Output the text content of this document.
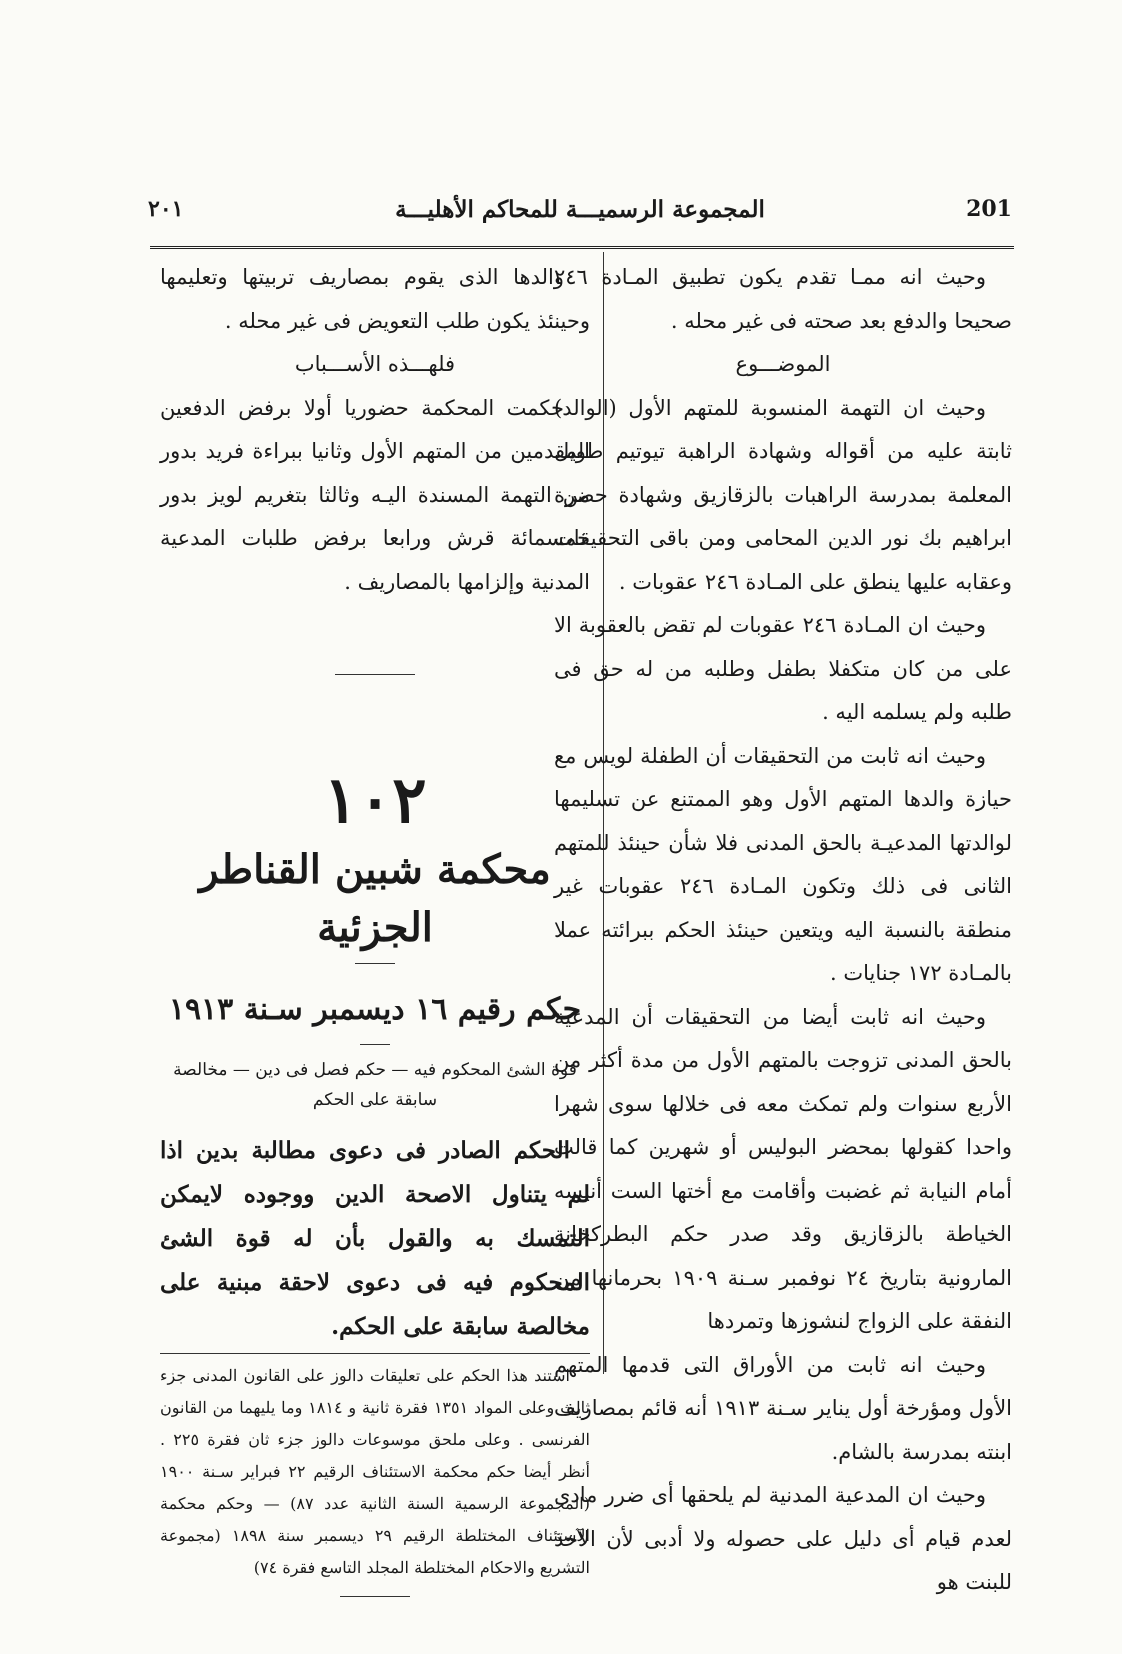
٢٠١	المجموعة الرسميـــة للمحاكم الأهليـــة	201

وحيث انه ممـا تقدم يكون تطبيق المـادة ٢٤٦ صحيحا والدفع بعد صحته فى غير محله .

الموضـــوع

وحيث ان التهمة المنسوبة للمتهم الأول (الوالد) ثابتة عليه من أقواله وشهادة الراهبة تيوتيم طويل المعلمة بمدرسة الراهبات بالزقازيق وشهادة حضرة ابراهيم بك نور الدين المحامى ومن باقى التحقيقات وعقابه عليها ينطق على المـادة ٢٤٦ عقوبات .

وحيث ان المـادة ٢٤٦ عقوبات لم تقض بالعقوبة الا على من كان متكفلا بطفل وطلبه من له حق فى طلبه ولم يسلمه اليه .

وحيث انه ثابت من التحقيقات أن الطفلة لويس مع حيازة والدها المتهم الأول وهو الممتنع عن تسليمها لوالدتها المدعيـة بالحق المدنى فلا شأن حينئذ للمتهم الثانى فى ذلك وتكون المـادة ٢٤٦ عقوبات غير منطقة بالنسبة اليه ويتعين حينئذ الحكم ببرائته عملا بالمـادة ١٧٢ جنايات .

وحيث انه ثابت أيضا من التحقيقات أن المدعية بالحق المدنى تزوجت بالمتهم الأول من مدة أكثر من الأربع سنوات ولم تمكث معه فى خلالها سوى شهرا واحدا كقولها بمحضر البوليس أو شهرين كما قالت أمام النيابة ثم غضبت وأقامت مع أختها الست أنيسه الخياطة بالزقازيق وقد صدر حكم البطركخانة المارونية بتاريخ ٢٤ نوفمبر سـنة ١٩٠٩ بحرمانها من النفقة على الزواج لنشوزها وتمردها

وحيث انه ثابت من الأوراق التى قدمها المتهم الأول ومؤرخة أول يناير سـنة ١٩١٣ أنه قائم بمصاريف ابنته بمدرسة بالشام.

وحيث ان المدعية المدنية لم يلحقها أى ضرر مادى لعدم قيام أى دليل على حصوله ولا أدبى لأن الآخذ للبنت هو

والدها الذى يقوم بمصاريف تربيتها وتعليمها وحينئذ يكون طلب التعويض فى غير محله .

فلهـــذه الأســـباب

حكمت المحكمة حضوريا أولا برفض الدفعين المقدمين من المتهم الأول وثانيا ببراءة فريد بدور من التهمة المسندة اليـه وثالثا بتغريم لويز بدور خمسمائة قرش ورابعا برفض طلبات المدعية المدنية وإلزامها بالمصاريف .

١٠٢
محكمة شبين القناطر الجزئية
حكم رقيم ١٦ ديسمبر سـنة ١٩١٣
قوة الشئ المحكوم فيه — حكم فصل فى دين — مخالصة سابقة على الحكم

الحكم الصادر فى دعوى مطالبة بدين اذا لم يتناول الاصحة الدين ووجوده لايمكن التمسك به والقول بأن له قوة الشئ المحكوم فيه فى دعوى لاحقة مبنية على مخالصة سابقة على الحكم.

استند هذا الحكم على تعليقات دالوز على القانون المدنى جزء ثالث وعلى المواد ١٣٥١ فقرة ثانية و ١٨١٤ وما يليهما من القانون الفرنسى . وعلى ملحق موسوعات دالوز جزء ثان فقرة ٢٢٥ . أنظر أيضا حكم محكمة الاستئناف الرقيم ٢٢ فبراير سـنة ١٩٠٠ (المجموعة الرسمية السنة الثانية عدد ٨٧) — وحكم محكمة الاستئناف المختلطة الرقيم ٢٩ ديسمبر سنة ١٨٩٨ (مجموعة التشريع والاحكام المختلطة المجلد التاسع فقرة ٧٤)
